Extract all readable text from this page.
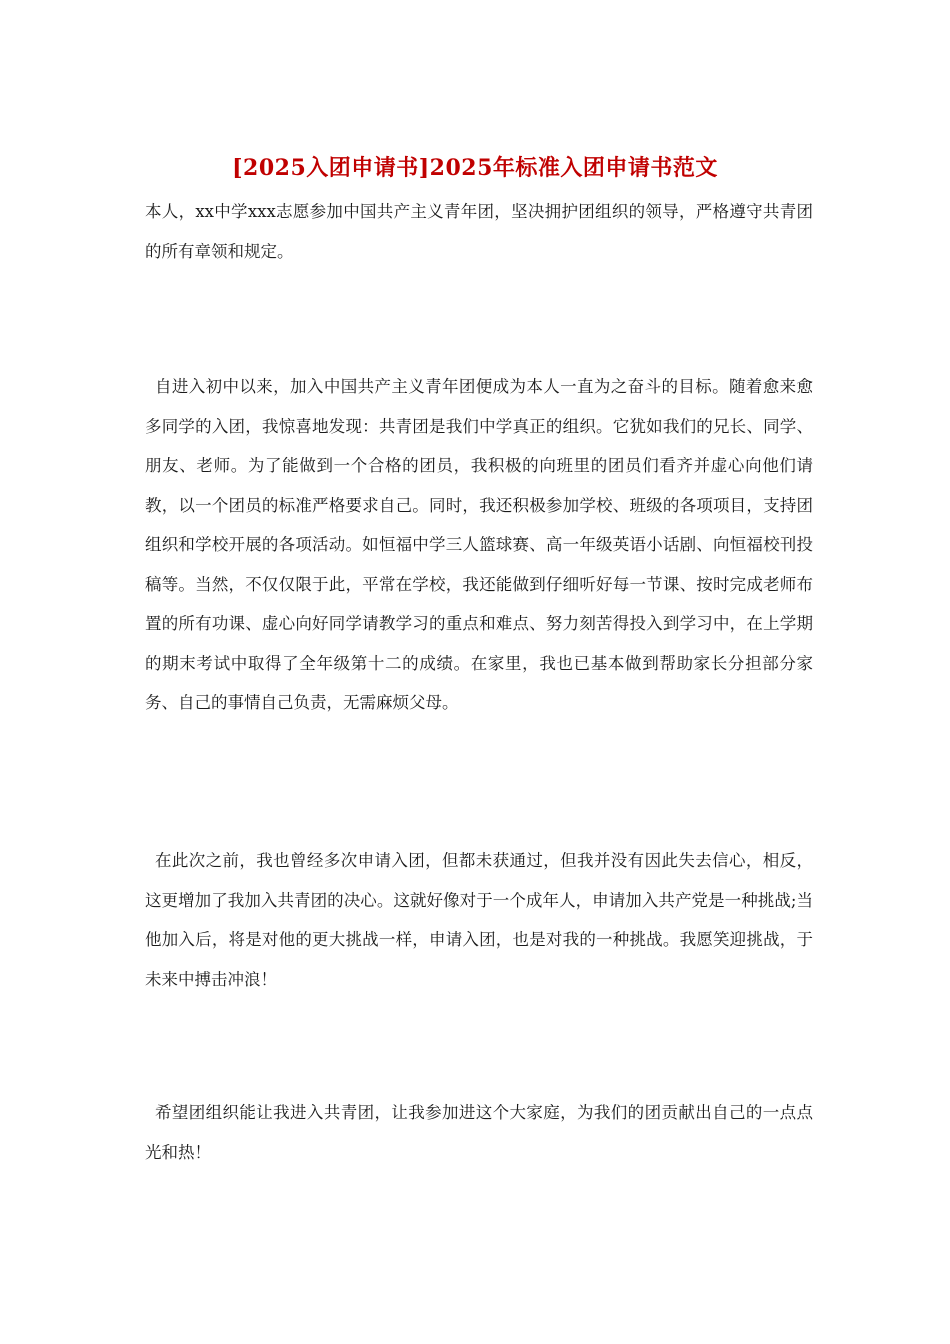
[2025入团申请书]2025年标准入团申请书范文

本人，xx中学xxx志愿参加中国共产主义青年团，坚决拥护团组织的领导，严格遵守共青团的所有章领和规定。

自进入初中以来，加入中国共产主义青年团便成为本人一直为之奋斗的目标。随着愈来愈多同学的入团，我惊喜地发现：共青团是我们中学真正的组织。它犹如我们的兄长、同学、朋友、老师。为了能做到一个合格的团员，我积极的向班里的团员们看齐并虚心向他们请教，以一个团员的标准严格要求自己。同时，我还积极参加学校、班级的各项项目，支持团组织和学校开展的各项活动。如恒福中学三人篮球赛、高一年级英语小话剧、向恒福校刊投稿等。当然，不仅仅限于此，平常在学校，我还能做到仔细听好每一节课、按时完成老师布置的所有功课、虚心向好同学请教学习的重点和难点、努力刻苦得投入到学习中，在上学期的期末考试中取得了全年级第十二的成绩。在家里，我也已基本做到帮助家长分担部分家务、自己的事情自己负责，无需麻烦父母。

在此次之前，我也曾经多次申请入团，但都未获通过，但我并没有因此失去信心，相反，这更增加了我加入共青团的决心。这就好像对于一个成年人，申请加入共产党是一种挑战;当他加入后，将是对他的更大挑战一样，申请入团，也是对我的一种挑战。我愿笑迎挑战，于未来中搏击冲浪！

希望团组织能让我进入共青团，让我参加进这个大家庭，为我们的团贡献出自己的一点点光和热！
